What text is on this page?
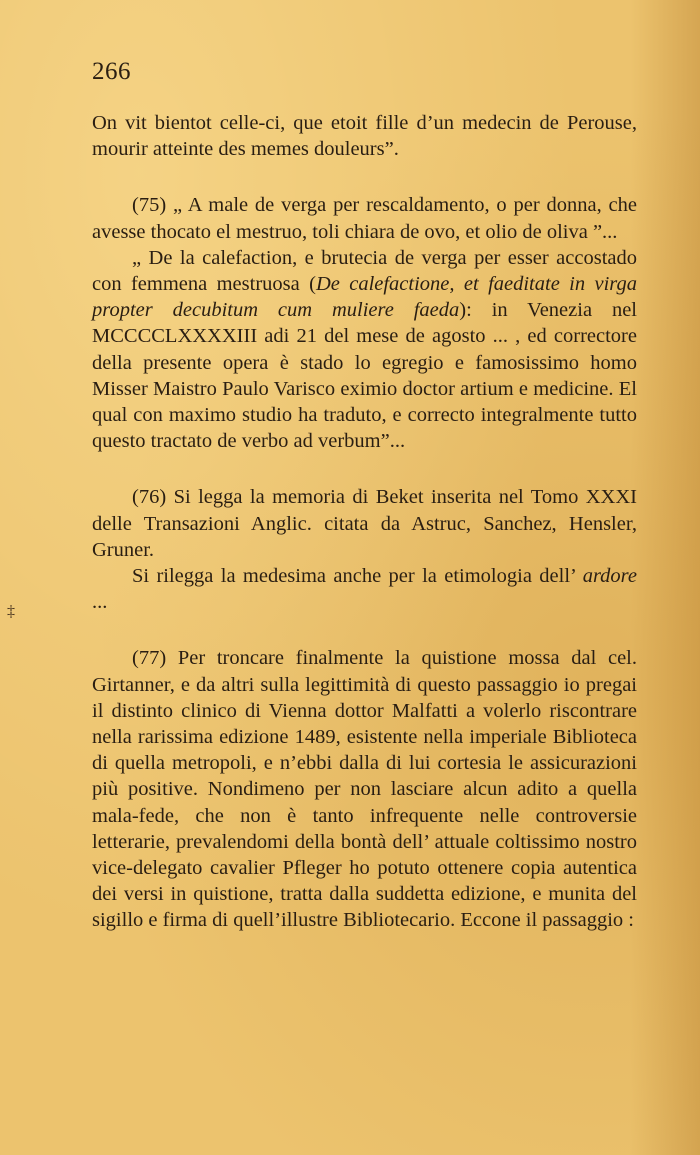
266

On vit bientot celle-ci, que etoit fille d’un medecin de Perouse, mourir atteinte des memes douleurs”.

(75) „ A male de verga per rescaldamento, o per donna, che avesse thocato el mestruo, toli chiara de ovo, et olio de oliva ”...

„ De la calefaction, e brutecia de verga per esser accostado con femmena mestruosa (De calefactione, et faeditate in virga propter decubitum cum muliere faeda): in Venezia nel MCCCCLXXXXIII adi 21 del mese de agosto ... , ed correctore della presente opera è stado lo egregio e famosissimo homo Misser Maistro Paulo Varisco eximio doctor artium e medicine. El qual con maximo studio ha traduto, e correcto integralmente tutto questo tractato de verbo ad verbum”...

(76) Si legga la memoria di Beket inserita nel Tomo XXXI delle Transazioni Anglic. citata da Astruc, Sanchez, Hensler, Gruner.

Si rilegga la medesima anche per la etimologia dell’ ardore ...

(77) Per troncare finalmente la quistione mossa dal cel. Girtanner, e da altri sulla legittimità di questo passaggio io pregai il distinto clinico di Vienna dottor Malfatti a volerlo riscontrare nella rarissima edizione 1489, esistente nella imperiale Biblioteca di quella metropoli, e n’ebbi dalla di lui cortesia le assicurazioni più positive. Nondimeno per non lasciare alcun adito a quella mala-fede, che non è tanto infrequente nelle controversie letterarie, prevalendomi della bontà dell’ attuale coltissimo nostro vice-delegato cavalier Pfleger ho potuto ottenere copia autentica dei versi in quistione, tratta dalla suddetta edizione, e munita del sigillo e firma di quell’illustre Bibliotecario. Eccone il passaggio :

‡
